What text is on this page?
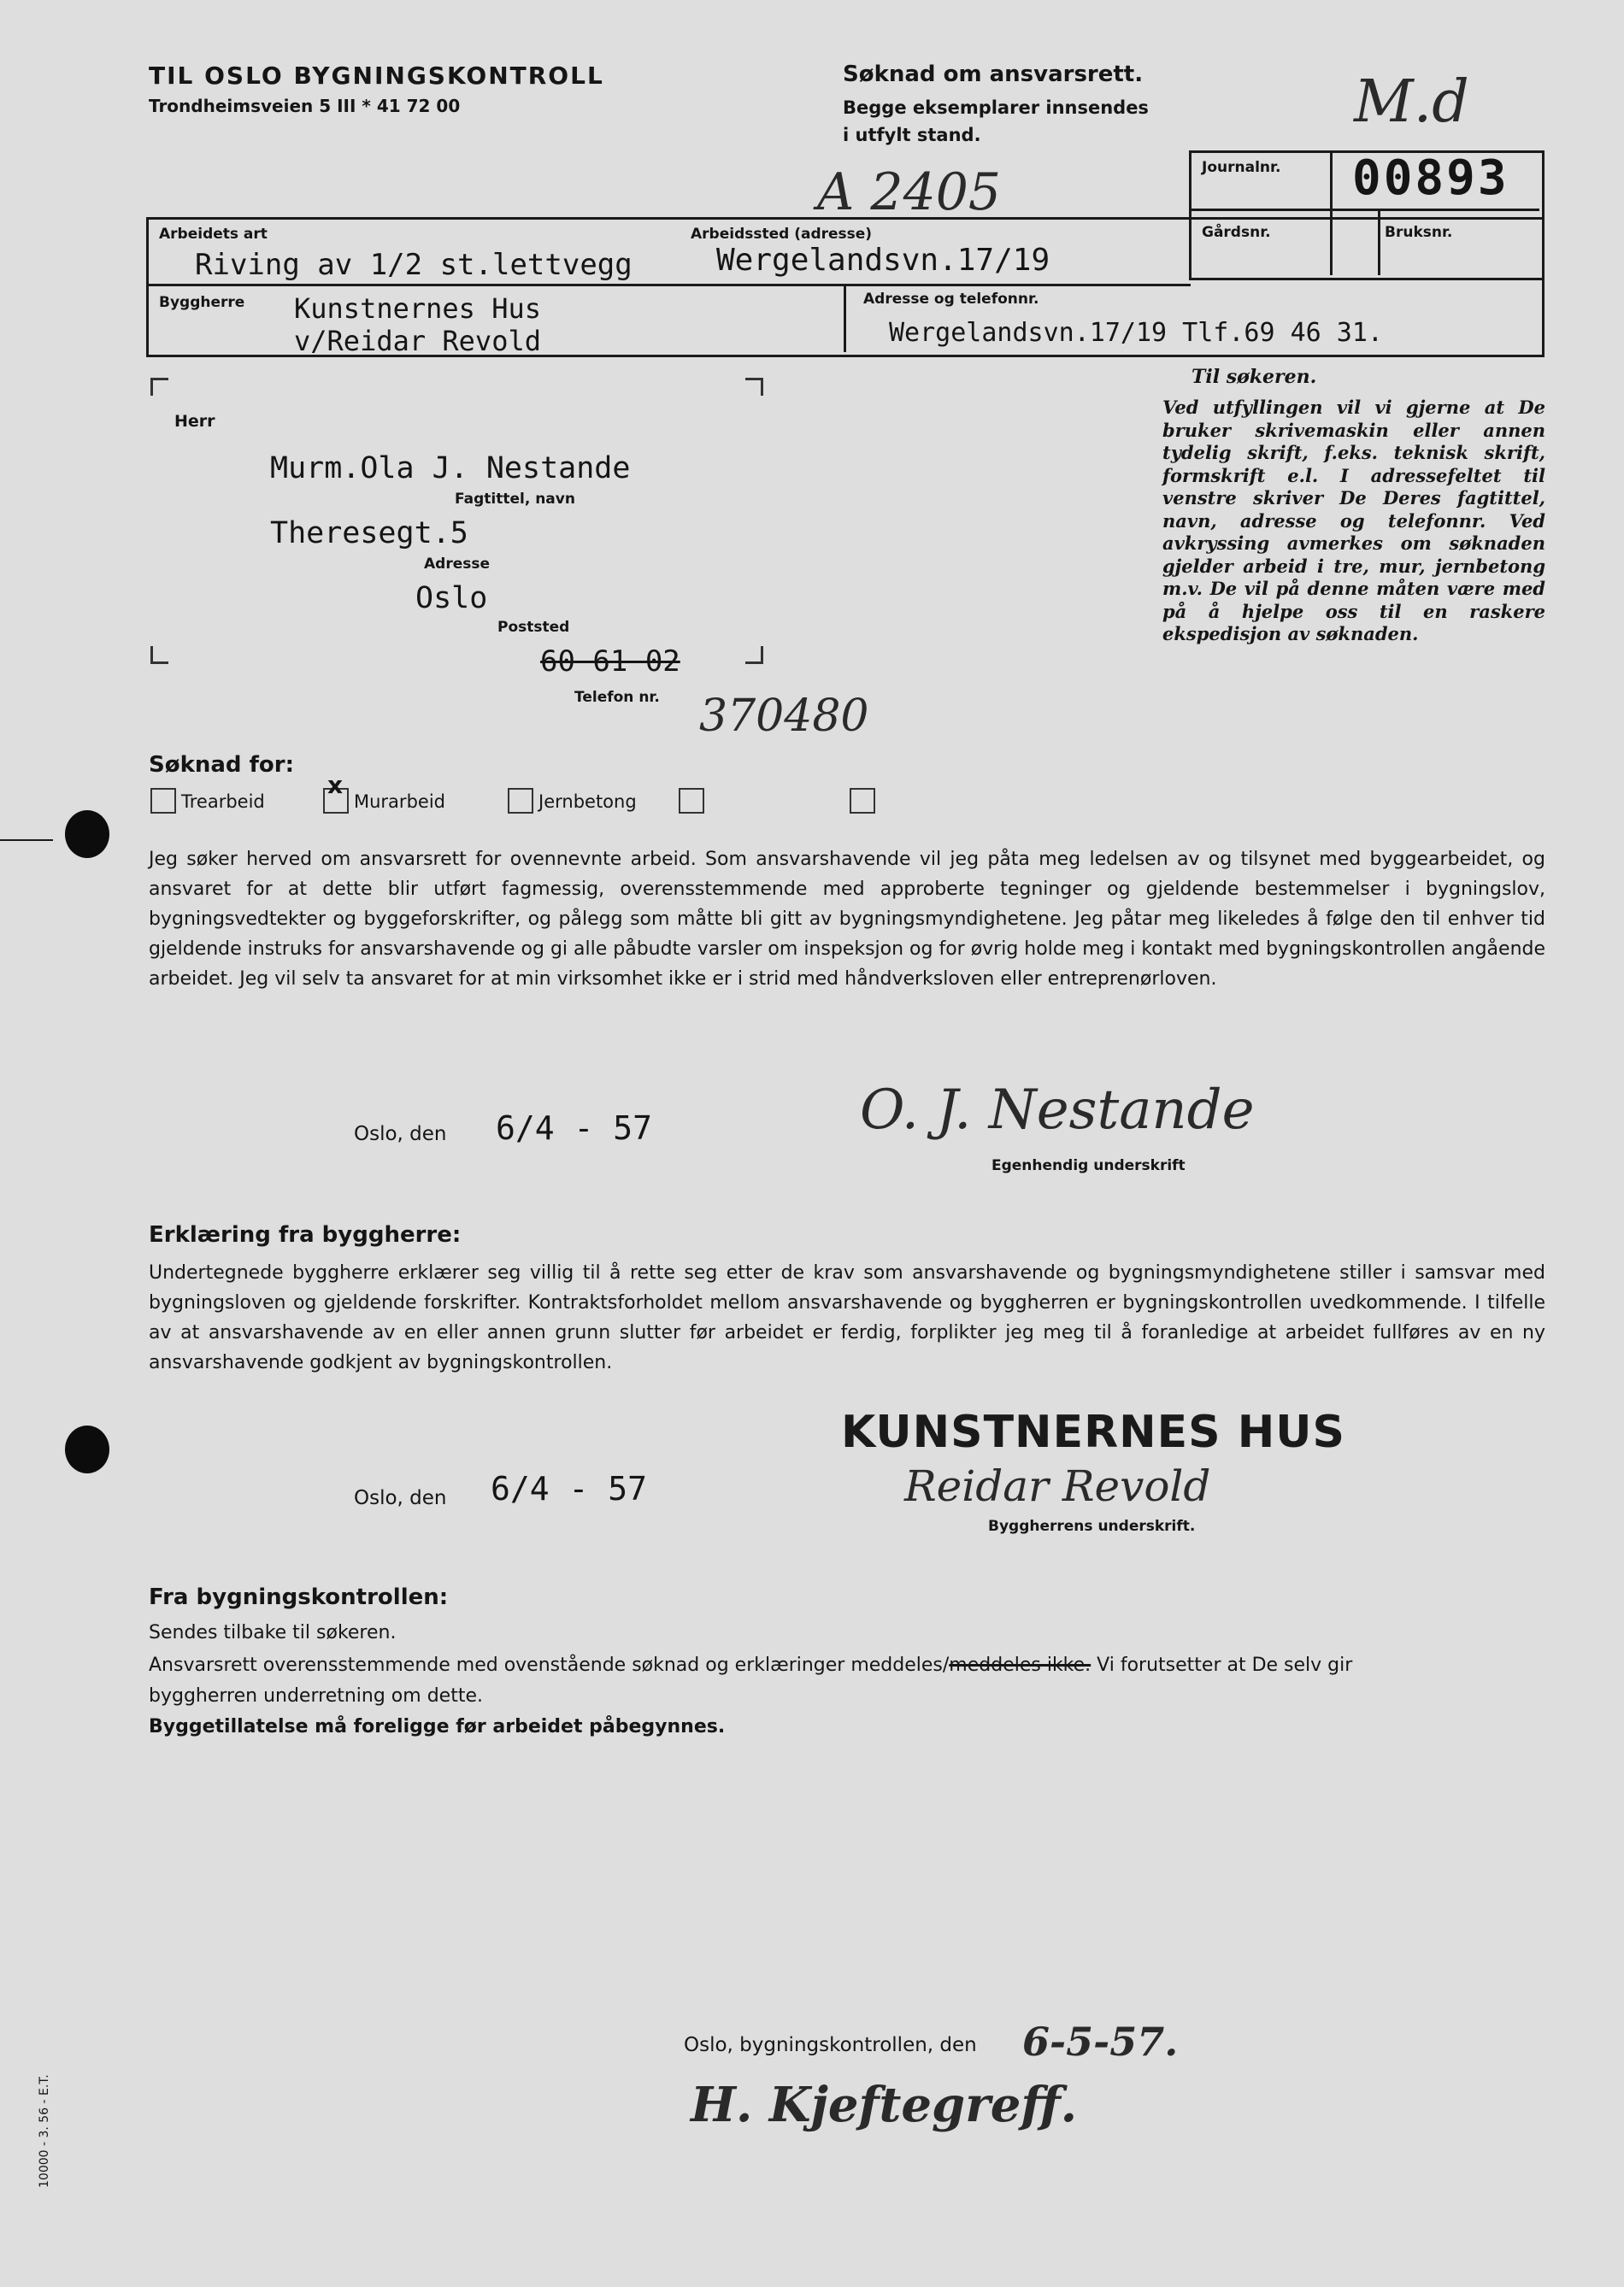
TIL OSLO BYGNINGSKONTROLL
Trondheimsveien 5 III * 41 72 00
Søknad om ansvarsrett.
Begge eksemplarer innsendes
i utfylt stand.	M.d
A 2405	Journalnr. 00893
Gårdsnr.	Bruksnr.
Arbeidets art
Riving av 1/2 st.lettvegg
Arbeidssted (adresse)
Wergelandsvn.17/19
Byggherre Kunstnernes Hus
v/Reidar Revold
Adresse og telefonnr.
Wergelandsvn.17/19 Tlf.69 46 31.
Herr
Murm.Ola J. Nestande
Fagtittel, navn
Theresegt.5
Adresse
Oslo
Poststed
60 61 02
Telefon nr. 370480
Til søkeren.
Ved utfyllingen vil vi gjerne at De bruker skrivemaskin eller annen tydelig skrift, f.eks. teknisk skrift, formskrift e.l. I adressefeltet til venstre skriver De Deres fagtittel, navn, adresse og telefonnr. Ved avkryssing avmerkes om søknaden gjelder arbeid i tre, mur, jernbetong m.v. De vil på denne måten være med på å hjelpe oss til en raskere ekspedisjon av søknaden.
Søknad for:
Trearbeid
x
Murarbeid	Jernbetong
Jeg søker herved om ansvarsrett for ovennevnte arbeid. Som ansvarshavende vil jeg påta meg ledelsen av og tilsynet med byggearbeidet, og ansvaret for at dette blir utført fagmessig, overensstemmende med approberte tegninger og gjeldende bestemmelser i bygningslov, bygningsvedtekter og byggeforskrifter, og pålegg som måtte bli gitt av bygningsmyndighetene. Jeg påtar meg likeledes å følge den til enhver tid gjeldende instruks for ansvarshavende og gi alle påbudte varsler om inspeksjon og for øvrig holde meg i kontakt med bygningskontrollen angående arbeidet. Jeg vil selv ta ansvaret for at min virksomhet ikke er i strid med håndverksloven eller entreprenørloven.
Oslo, den 6/4 - 57	O. J. Nestande
Egenhendig underskrift
Erklæring fra byggherre:
Undertegnede byggherre erklærer seg villig til å rette seg etter de krav som ansvarshavende og bygningsmyndighetene stiller i samsvar med bygningsloven og gjeldende forskrifter. Kontraktsforholdet mellom ansvarshavende og byggherren er bygningskontrollen uvedkommende. I tilfelle av at ansvarshavende av en eller annen grunn slutter før arbeidet er ferdig, forplikter jeg meg til å foranledige at arbeidet fullføres av en ny ansvarshavende godkjent av bygningskontrollen.
KUNSTNERNES HUS
Oslo, den 6/4 - 57	Reidar Revold
Byggherrens underskrift.
Fra bygningskontrollen:
Sendes tilbake til søkeren.
Ansvarsrett overensstemmende med ovenstående søknad og erklæringer meddeles/meddeles ikke. Vi forutsetter at De selv gir
byggherren underretning om dette.
Byggetillatelse må foreligge før arbeidet påbegynnes.
Oslo, bygningskontrollen, den 6-5-57.
H. Kjeftegreff.
10000 - 3. 56 - E.T.
